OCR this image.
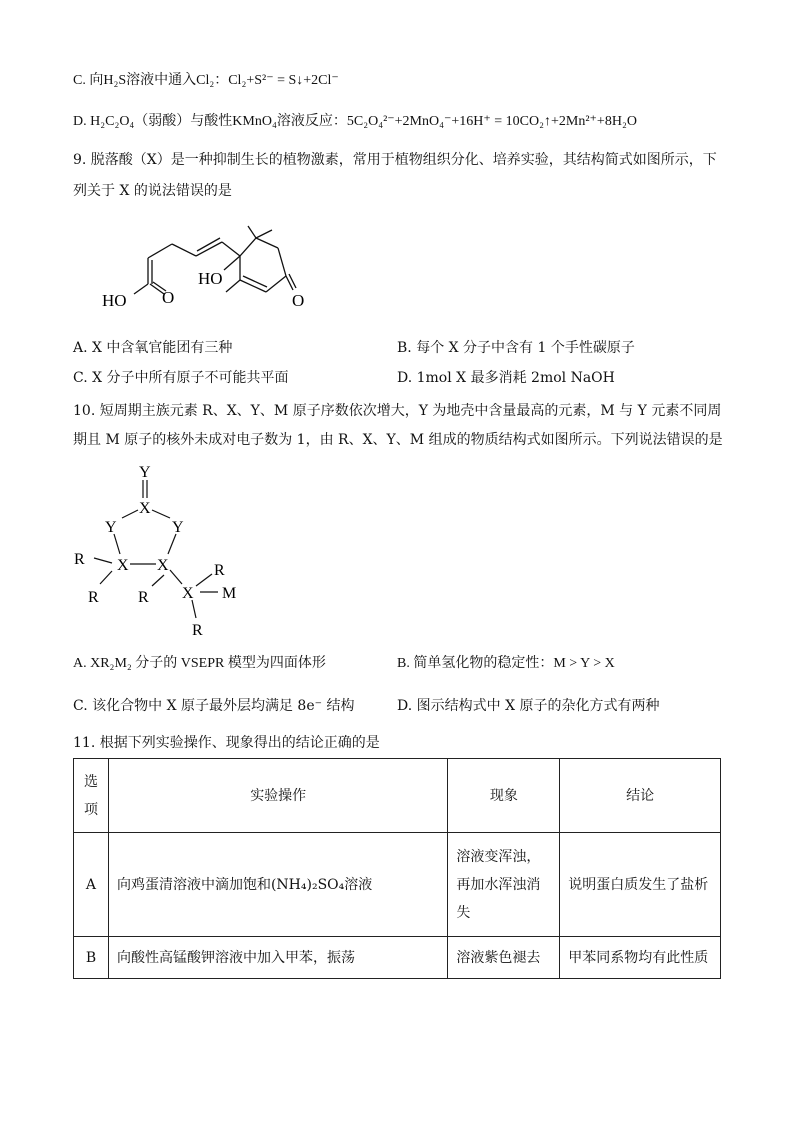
C. 向H₂S溶液中通入Cl₂：Cl₂+S²⁻ = S↓+2Cl⁻
D. H₂C₂O₄（弱酸）与酸性KMnO₄溶液反应：5C₂O₄²⁻+2MnO₄⁻+16H⁺ = 10CO₂↑+2Mn²⁺+8H₂O
9. 脱落酸（X）是一种抑制生长的植物激素，常用于植物组织分化、培养实验，其结构简式如图所示，下
列关于 X 的说法错误的是
HO O
HO
O
A. X 中含氧官能团有三种	B. 每个 X 分子中含有 1 个手性碳原子
C. X 分子中所有原子不可能共平面	D. 1mol X 最多消耗 2mol NaOH
10. 短周期主族元素 R、X、Y、M 原子序数依次增大，Y 为地壳中含量最高的元素，M 与 Y 元素不同周
期且 M 原子的核外未成对电子数为 1，由 R、X、Y、M 组成的物质结构式如图所示。下列说法错误的是
Y
X
Y	Y
X X
R
R R X
R
M
R
A. XR₂M₂ 分子的 VSEPR 模型为四面体形	B. 简单氢化物的稳定性：M > Y > X
C. 该化合物中 X 原子最外层均满足 8e⁻ 结构	D. 图示结构式中 X 原子的杂化方式有两种
11. 根据下列实验操作、现象得出的结论正确的是
选项	实验操作	现象	结论
A	向鸡蛋清溶液中滴加饱和(NH₄)₂SO₄溶液	溶液变浑浊，再加水浑浊消失	说明蛋白质发生了盐析
B	向酸性高锰酸钾溶液中加入甲苯，振荡	溶液紫色褪去	甲苯同系物均有此性质
